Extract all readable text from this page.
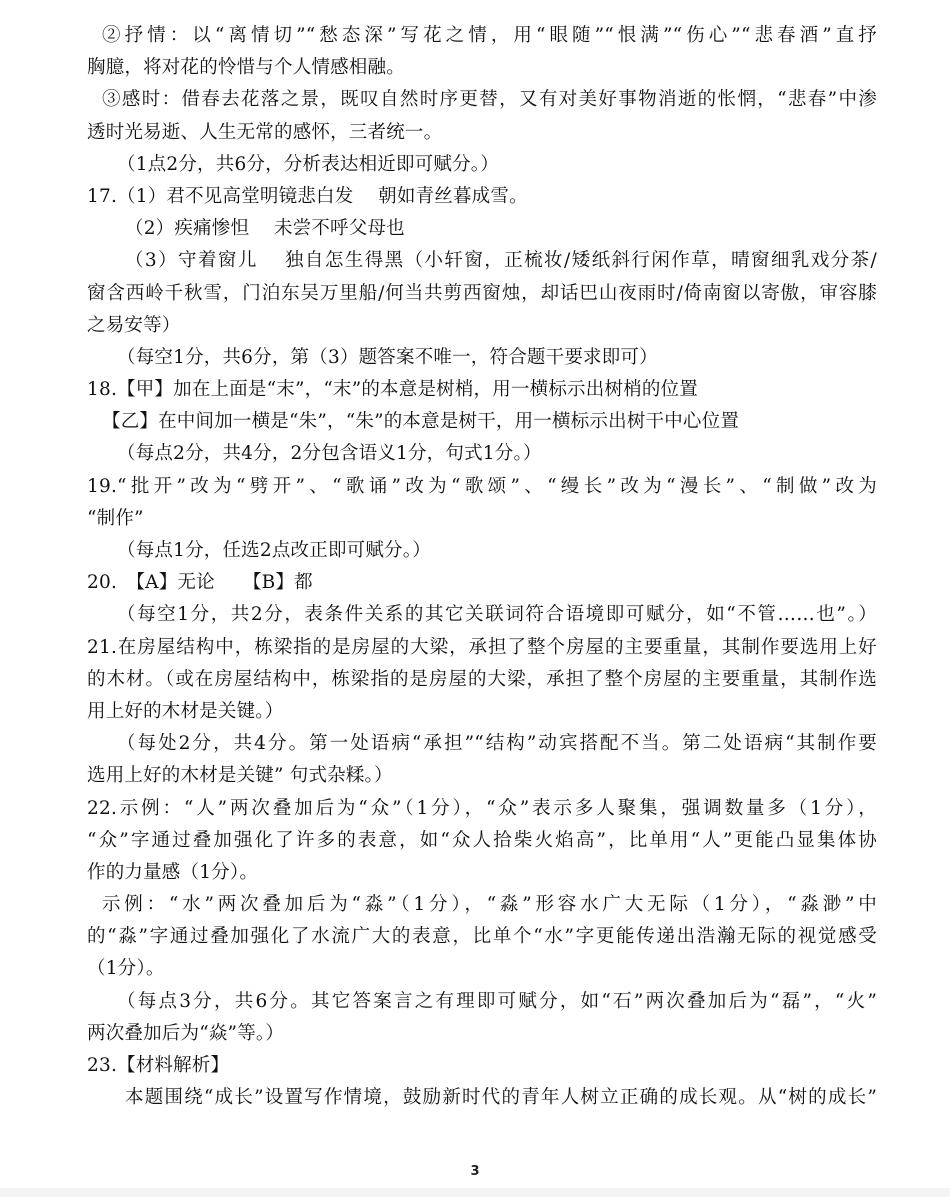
②抒情：以“离情切”“愁态深”写花之情，用“眼随”“恨满”“伤心”“悲春酒”直抒
胸臆，将对花的怜惜与个人情感相融。
③感时：借春去花落之景，既叹自然时序更替，又有对美好事物消逝的怅惘，“悲春”中渗
透时光易逝、人生无常的感怀，三者统一。
（1点2分，共6分，分析表达相近即可赋分。）
17.（1）君不见高堂明镜悲白发　 朝如青丝暮成雪。
（2）疾痛惨怛　 未尝不呼父母也
（3）守着窗儿　 独自怎生得黑（小轩窗，正梳妆/矮纸斜行闲作草，晴窗细乳戏分茶/
窗含西岭千秋雪，门泊东吴万里船/何当共剪西窗烛，却话巴山夜雨时/倚南窗以寄傲，审容膝
之易安等）
（每空1分，共6分，第（3）题答案不唯一，符合题干要求即可）
18.【甲】加在上面是“末”，“末”的本意是树梢，用一横标示出树梢的位置
【乙】在中间加一横是“朱”，“朱”的本意是树干，用一横标示出树干中心位置
（每点2分，共4分，2分包含语义1分，句式1分。）
19.“批开”改为“劈开”、“歌诵”改为“歌颂”、“缦长”改为“漫长”、“制做”改为
“制作”
（每点1分，任选2点改正即可赋分。）
20.　【A】无论　　【B】都
（每空1分，共2分，表条件关系的其它关联词符合语境即可赋分，如“不管……也”。）
21.在房屋结构中，栋梁指的是房屋的大梁，承担了整个房屋的主要重量，其制作要选用上好
的木材。（或在房屋结构中，栋梁指的是房屋的大梁，承担了整个房屋的主要重量，其制作选
用上好的木材是关键。）
（每处2分，共4分。第一处语病“承担”“结构”动宾搭配不当。第二处语病“其制作要
选用上好的木材是关键” 句式杂糅。）
22.示例：“人”两次叠加后为“众”（1分），“众”表示多人聚集，强调数量多（1分），
“众”字通过叠加强化了许多的表意，如“众人拾柴火焰高”，比单用“人”更能凸显集体协
作的力量感（1分）。
示例：“水”两次叠加后为“淼”（1分），“淼”形容水广大无际（1分），“淼渺”中
的“淼”字通过叠加强化了水流广大的表意，比单个“水”字更能传递出浩瀚无际的视觉感受
（1分）。
（每点3分，共6分。其它答案言之有理即可赋分，如“石”两次叠加后为“磊”，“火”
两次叠加后为“焱”等。）
23.【材料解析】
本题围绕“成长”设置写作情境，鼓励新时代的青年人树立正确的成长观。从“树的成长”
3
